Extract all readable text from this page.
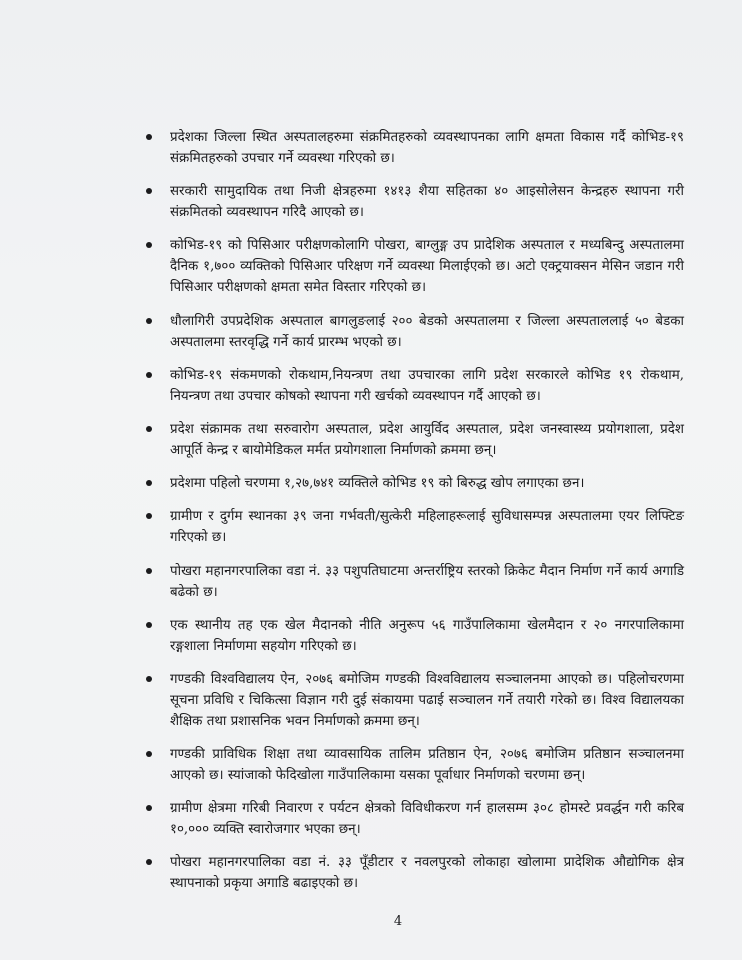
प्रदेशका जिल्ला स्थित अस्पतालहरुमा संक्रमितहरुको व्यवस्थापनका लागि क्षमता विकास गर्दै कोभिड-१९ संक्रमितहरुको उपचार गर्ने व्यवस्था गरिएको छ।
सरकारी सामुदायिक तथा निजी क्षेत्रहरुमा १४१३ शैया सहितका ४० आइसोलेसन केन्द्रहरु स्थापना गरी संक्रमितको व्यवस्थापन गरिदै आएको छ।
कोभिड-१९ को पिसिआर परीक्षणकोलागि पोखरा, बाग्लुङ्ग उप प्रादेशिक अस्पताल र मध्यबिन्दु अस्पतालमा दैनिक १,७०० व्यक्तिको पिसिआर परिक्षण गर्ने व्यवस्था मिलाईएको छ। अटो एक्ट्रयाक्सन मेसिन जडान गरी पिसिआर परीक्षणको क्षमता समेत विस्तार गरिएको छ।
धौलागिरी उपप्रदेशिक अस्पताल बागलुङलाई २०० बेडको अस्पतालमा र जिल्ला अस्पताललाई ५० बेडका अस्पतालमा स्तरवृद्धि गर्ने कार्य प्रारम्भ भएको छ।
कोभिड-१९ संकमणको रोकथाम,नियन्त्रण तथा उपचारका लागि प्रदेश सरकारले कोभिड १९ रोकथाम, नियन्त्रण तथा उपचार कोषको स्थापना गरी खर्चको व्यवस्थापन गर्दै आएको छ।
प्रदेश संक्रामक तथा सरुवारोग अस्पताल, प्रदेश आयुर्विद अस्पताल, प्रदेश जनस्वास्थ्य प्रयोगशाला, प्रदेश आपूर्ति केन्द्र र बायोमेडिकल मर्मत प्रयोगशाला निर्माणको क्रममा छन्।
प्रदेशमा पहिलो चरणमा १,२७,७४१ व्यक्तिले कोभिड १९ को बिरुद्ध खोप लगाएका छन।
ग्रामीण र दुर्गम स्थानका ३९ जना गर्भवती/सुत्केरी महिलाहरूलाई सुविधासम्पन्न अस्पतालमा एयर लिफ्टिङ गरिएको छ।
पोखरा महानगरपालिका वडा नं. ३३ पशुपतिघाटमा अन्तर्राष्ट्रिय स्तरको क्रिकेट मैदान निर्माण गर्ने कार्य अगाडि बढेको छ।
एक स्थानीय तह एक खेल मैदानको नीति अनुरूप ५६ गाउँपालिकामा खेलमैदान र २० नगरपालिकामा रङ्गशाला निर्माणमा सहयोग गरिएको छ।
गण्डकी विश्वविद्यालय ऐन, २०७६ बमोजिम गण्डकी विश्वविद्यालय सञ्चालनमा आएको छ। पहिलोचरणमा सूचना प्रविधि र चिकित्सा विज्ञान गरी दुई संकायमा पढाई सञ्चालन गर्ने तयारी गरेको छ। विश्व विद्यालयका शैक्षिक तथा प्रशासनिक भवन निर्माणको क्रममा छन्।
गण्डकी प्राविधिक शिक्षा तथा व्यावसायिक तालिम प्रतिष्ठान ऐन, २०७६ बमोजिम प्रतिष्ठान सञ्चालनमा आएको छ। स्यांजाको फेदिखोला गाउँपालिकामा यसका पूर्वाधार निर्माणको चरणमा छन्।
ग्रामीण क्षेत्रमा गरिबी निवारण र पर्यटन क्षेत्रको विविधीकरण गर्न हालसम्म ३०८ होमस्टे प्रवर्द्धन गरी करिब १०,००० व्यक्ति स्वारोजगार भएका छन्।
पोखरा महानगरपालिका वडा नं. ३३ पूँडीटार र नवलपुरको लोकाहा खोलामा प्रादेशिक औद्योगिक क्षेत्र स्थापनाको प्रकृया अगाडि बढाइएको छ।
4
